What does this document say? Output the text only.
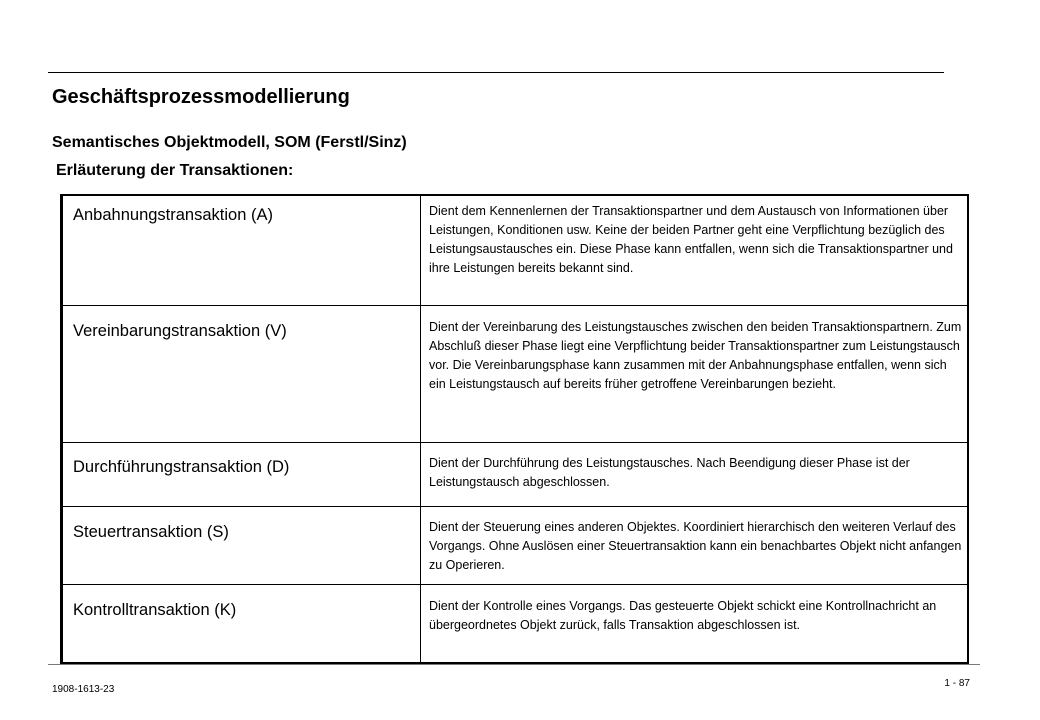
Geschäftsprozessmodellierung
Semantisches Objektmodell, SOM (Ferstl/Sinz)
Erläuterung der Transaktionen:
Anbahnungstransaktion (A)	Dient dem Kennenlernen der Transaktionspartner und dem Austausch von Informationen über Leistungen, Konditionen usw. Keine der beiden Partner geht eine Verpflichtung bezüglich des Leistungsaustausches ein. Diese Phase kann entfallen, wenn sich die Transaktionspartner und ihre Leistungen bereits bekannt sind.
Vereinbarungstransaktion (V)	Dient der Vereinbarung des Leistungstausches zwischen den beiden Transaktionspartnern. Zum Abschluß dieser Phase liegt eine Verpflichtung beider Transaktionspartner zum Leistungstausch vor. Die Vereinbarungsphase kann zusammen mit der Anbahnungsphase entfallen, wenn sich ein Leistungstausch auf bereits früher getroffene Vereinbarungen bezieht.
Durchführungstransaktion (D)	Dient der Durchführung des Leistungstausches. Nach Beendigung dieser Phase ist der Leistungstausch abgeschlossen.
Steuertransaktion (S)	Dient der Steuerung eines anderen Objektes. Koordiniert hierarchisch den weiteren Verlauf des Vorgangs. Ohne Auslösen einer Steuertransaktion kann ein benachbartes Objekt nicht anfangen zu Operieren.
Kontrolltransaktion (K)	Dient der Kontrolle eines Vorgangs. Das gesteuerte Objekt schickt eine Kontrollnachricht an übergeordnetes Objekt zurück, falls Transaktion abgeschlossen ist.
1908-1613-23
1 - 87
